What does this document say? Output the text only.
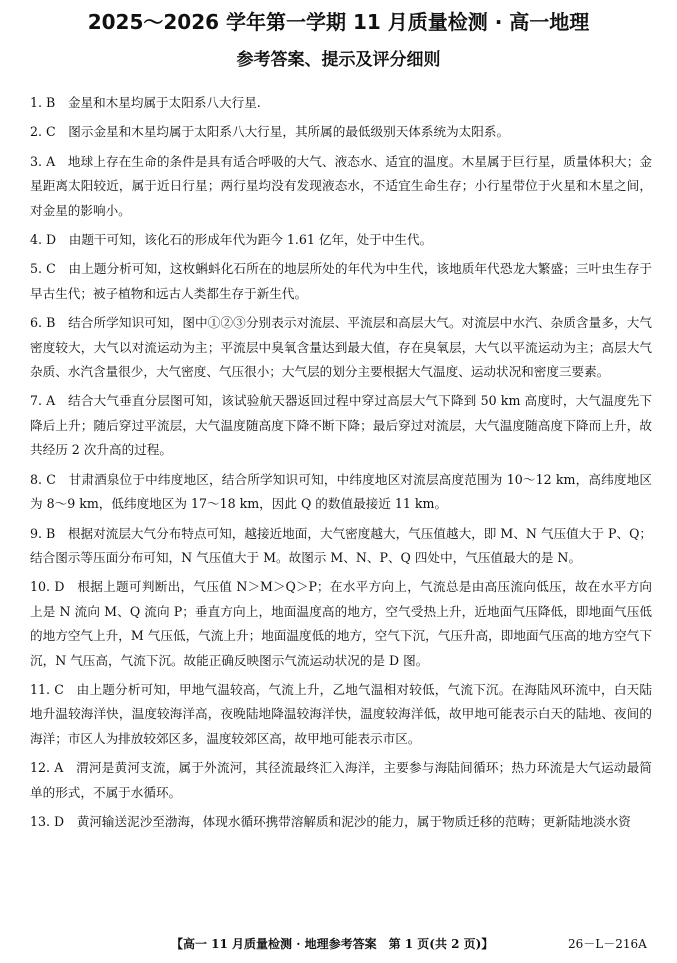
2025～2026 学年第一学期 11 月质量检测 · 高一地理
参考答案、提示及评分细则
1. B  金星和木星均属于太阳系八大行星.
2. C  图示金星和木星均属于太阳系八大行星，其所属的最低级别天体系统为太阳系。
3. A  地球上存在生命的条件是具有适合呼吸的大气、液态水、适宜的温度。木星属于巨行星，质量体积大；金星距离太阳较近，属于近日行星；两行星均没有发现液态水，不适宜生命生存；小行星带位于火星和木星之间，对金星的影响小。
4. D  由题干可知，该化石的形成年代为距今 1.61 亿年，处于中生代。
5. C  由上题分析可知，这枚蝌蚪化石所在的地层所处的年代为中生代，该地质年代恐龙大繁盛；三叶虫生存于早古生代；被子植物和远古人类都生存于新生代。
6. B  结合所学知识可知，图中①②③分别表示对流层、平流层和高层大气。对流层中水汽、杂质含量多，大气密度较大，大气以对流运动为主；平流层中臭氧含量达到最大值，存在臭氧层，大气以平流运动为主；高层大气杂质、水汽含量很少，大气密度、气压很小；大气层的划分主要根据大气温度、运动状况和密度三要素。
7. A  结合大气垂直分层图可知，该试验航天器返回过程中穿过高层大气下降到 50 km 高度时，大气温度先下降后上升；随后穿过平流层，大气温度随高度下降不断下降；最后穿过对流层，大气温度随高度下降而上升，故共经历 2 次升高的过程。
8. C  甘肃酒泉位于中纬度地区，结合所学知识可知，中纬度地区对流层高度范围为 10～12 km，高纬度地区为 8～9 km，低纬度地区为 17～18 km，因此 Q 的数值最接近 11 km。
9. B  根据对流层大气分布特点可知，越接近地面，大气密度越大，气压值越大，即 M、N 气压值大于 P、Q；结合图示等压面分布可知，N 气压值大于 M。故图示 M、N、P、Q 四处中，气压值最大的是 N。
10. D  根据上题可判断出，气压值 N＞M＞Q＞P；在水平方向上，气流总是由高压流向低压，故在水平方向上是 N 流向 M、Q 流向 P；垂直方向上，地面温度高的地方，空气受热上升，近地面气压降低，即地面气压低的地方空气上升，M 气压低，气流上升；地面温度低的地方，空气下沉，气压升高，即地面气压高的地方空气下沉，N 气压高，气流下沉。故能正确反映图示气流运动状况的是 D 图。
11. C  由上题分析可知，甲地气温较高，气流上升，乙地气温相对较低，气流下沉。在海陆风环流中，白天陆地升温较海洋快，温度较海洋高，夜晚陆地降温较海洋快，温度较海洋低，故甲地可能表示白天的陆地、夜间的海洋；市区人为排放较郊区多，温度较郊区高，故甲地可能表示市区。
12. A  渭河是黄河支流，属于外流河，其径流最终汇入海洋，主要参与海陆间循环；热力环流是大气运动最简单的形式，不属于水循环。
13. D  黄河输送泥沙至渤海，体现水循环携带溶解质和泥沙的能力，属于物质迁移的范畴；更新陆地淡水资
【高一 11 月质量检测 · 地理参考答案　第 1 页(共 2 页)】	26－L－216A
